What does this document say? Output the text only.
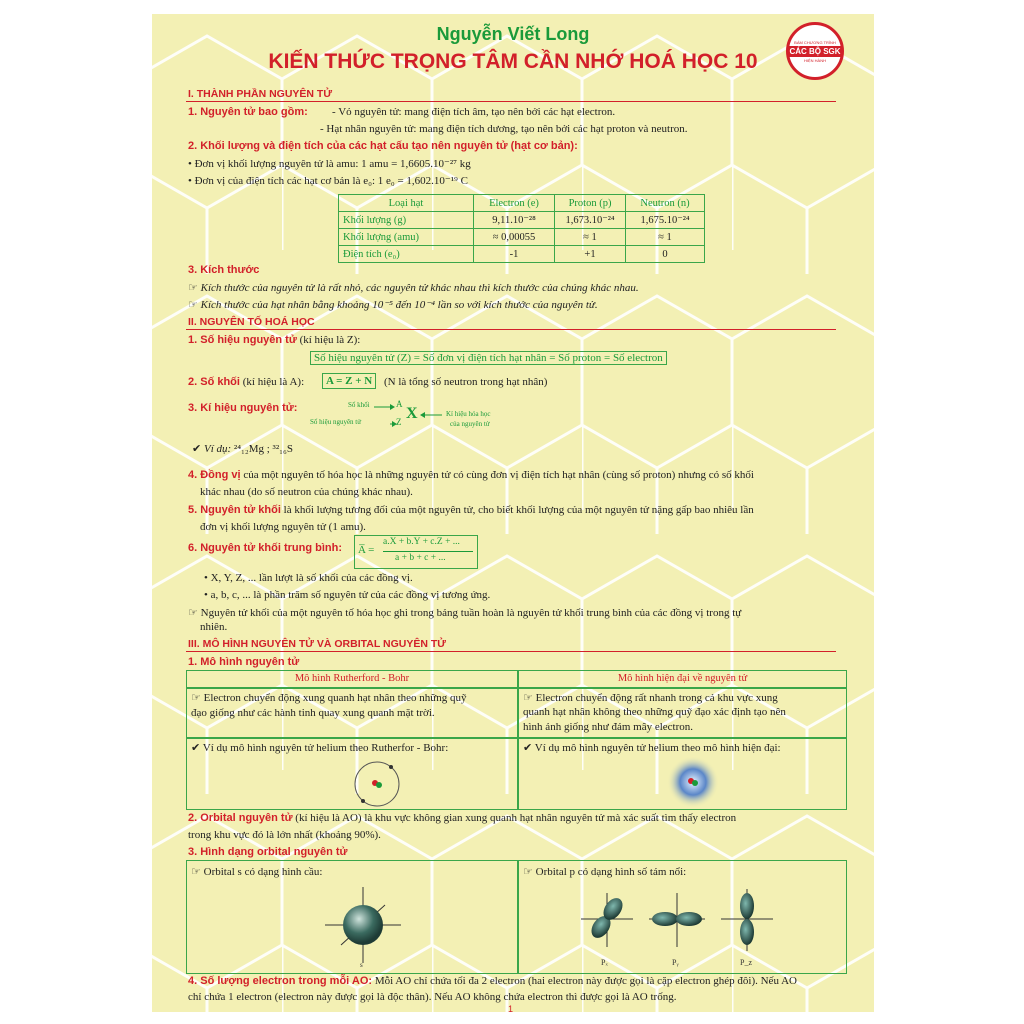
Nguyễn Viết Long
KIẾN THỨC TRỌNG TÂM CẦN NHỚ HOÁ HỌC 10
BÁM CHƯƠNG TRÌNH
CÁC BỘ SGK
HIỆN HÀNH
I. THÀNH PHẦN NGUYÊN TỬ
1. Nguyên tử bao gồm: - Vỏ nguyên tử: mang điện tích âm, tạo nên bởi các hạt electron.
- Hạt nhân nguyên tử: mang điện tích dương, tạo nên bởi các hạt proton và neutron.
2. Khối lượng và điện tích của các hạt cấu tạo nên nguyên tử (hạt cơ bản):
• Đơn vị khối lượng nguyên tử là amu: 1 amu = 1,6605.10⁻²⁷ kg
• Đơn vị của điện tích các hạt cơ bản là e₀: 1 e₀ = 1,602.10⁻¹⁹ C
Loại hạt	Electron (e)	Proton (p)	Neutron (n)
Khối lượng (g)	9,11.10⁻²⁸	1,673.10⁻²⁴	1,675.10⁻²⁴
Khối lượng (amu)	≈ 0,00055	≈ 1	≈ 1
Điện tích (e₀)	-1	+1	0
3. Kích thước
☞ Kích thước của nguyên tử là rất nhỏ, các nguyên tử khác nhau thì kích thước của chúng khác nhau.
☞ Kích thước của hạt nhân bằng khoảng 10⁻⁵ đến 10⁻⁴ lần so với kích thước của nguyên tử.
II. NGUYÊN TỐ HOÁ HỌC
1. Số hiệu nguyên tử (kí hiệu là Z):
Số hiệu nguyên tử (Z) = Số đơn vị điện tích hạt nhân = Số proton = Số electron
2. Số khối (kí hiệu là A):	A = Z + N	(N là tổng số neutron trong hạt nhân)
3. Kí hiệu nguyên tử:	Số khối
Số hiệu nguyên tử
A
Z X	Kí hiệu hóa học
của nguyên tử
✔ Ví dụ: ²⁴₁₂Mg ; ³²₁₆S
4. Đồng vị của một nguyên tố hóa học là những nguyên tử có cùng đơn vị điện tích hạt nhân (cùng số proton) nhưng có số khối
khác nhau (do số neutron của chúng khác nhau).
5. Nguyên tử khối là khối lượng tương đối của một nguyên tử, cho biết khối lượng của một nguyên tử nặng gấp bao nhiêu lần
đơn vị khối lượng nguyên tử (1 amu).
6. Nguyên tử khối trung bình: A̅ =
a.X + b.Y + c.Z + ...
a + b + c + ...
• X, Y, Z, ... lần lượt là số khối của các đồng vị.
• a, b, c, ... là phần trăm số nguyên tử của các đồng vị tương ứng.
☞ Nguyên tử khối của một nguyên tố hóa học ghi trong bảng tuần hoàn là nguyên tử khối trung bình của các đồng vị trong tự
nhiên.
III. MÔ HÌNH NGUYÊN TỬ VÀ ORBITAL NGUYÊN TỬ
1. Mô hình nguyên tử
Mô hình Rutherford - Bohr	Mô hình hiện đại về nguyên tử
☞ Electron chuyển động xung quanh hạt nhân theo những quỹ
đạo giống như các hành tinh quay xung quanh mặt trời.
☞ Electron chuyển động rất nhanh trong cả khu vực xung
quanh hạt nhân không theo những quỹ đạo xác định tạo nên
hình ảnh giống như đám mây electron.
✔ Ví dụ mô hình nguyên tử helium theo Rutherfor - Bohr:	✔ Ví dụ mô hình nguyên tử helium theo mô hình hiện đại:
2. Orbital nguyên tử (kí hiệu là AO) là khu vực không gian xung quanh hạt nhân nguyên tử mà xác suất tìm thấy electron
trong khu vực đó là lớn nhất (khoảng 90%).
3. Hình dạng orbital nguyên tử
☞ Orbital s có dạng hình cầu:	☞ Orbital p có dạng hình số tám nổi:
s	Pₓ	Pᵧ	P_z
4. Số lượng electron trong mỗi AO: Mỗi AO chỉ chứa tối đa 2 electron (hai electron này được gọi là cặp electron ghép đôi). Nếu AO
chỉ chứa 1 electron (electron này được gọi là độc thân). Nếu AO không chứa electron thì được gọi là AO trống.
1
